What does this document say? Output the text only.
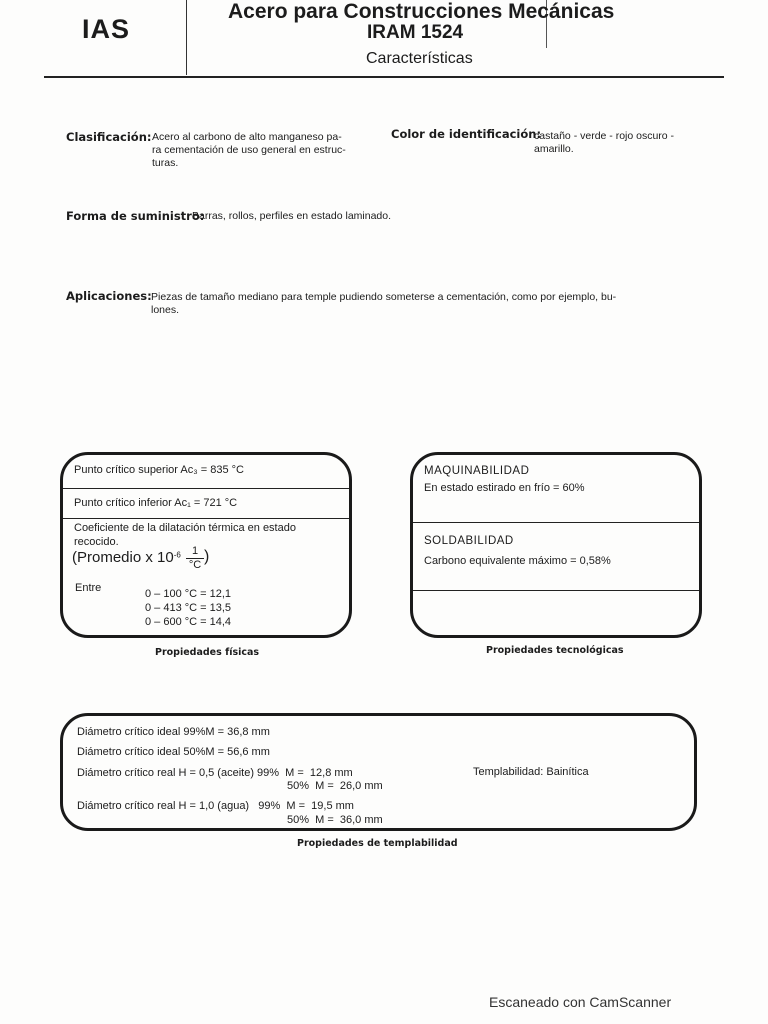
IAS
Acero para Construcciones Mecánicas
IRAM 1524
Características
Clasificación: Acero al carbono de alto manganeso pa-
ra cementación de uso general en estruc-
turas.
Color de identificación:
castaño - verde - rojo oscuro -
amarillo.
Forma de suministro:
Barras, rollos, perfiles en estado laminado.
Aplicaciones: Piezas de tamaño mediano para temple pudiendo someterse a cementación, como por ejemplo, bu-
lones.
Punto crítico superior Ac₃ = 835 °C
Punto crítico inferior Ac₁ = 721 °C
Coeficiente de la dilatación térmica en estado
recocido.
(Promedio x $10^{-6} \frac{1}{^\circ C}$ )
Entre	0 – 100 °C = 12,1
0 – 413 °C = 13,5
0 – 600 °C = 14,4
Propiedades físicas
MAQUINABILIDAD
En estado estirado en frío = 60%
SOLDABILIDAD
Carbono equivalente máximo = 0,58%
Propiedades tecnológicas
Diámetro crítico ideal 99%M = 36,8 mm
Diámetro crítico ideal 50%M = 56,6 mm
Diámetro crítico real H = 0,5 (aceite) 99%  M =  12,8 mm
50%  M =  26,0 mm
Diámetro crítico real H = 1,0 (agua)   99%  M =  19,5 mm
50%  M =  36,0 mm
Templabilidad: Bainítica
Propiedades de templabilidad
Escaneado con CamScanner
